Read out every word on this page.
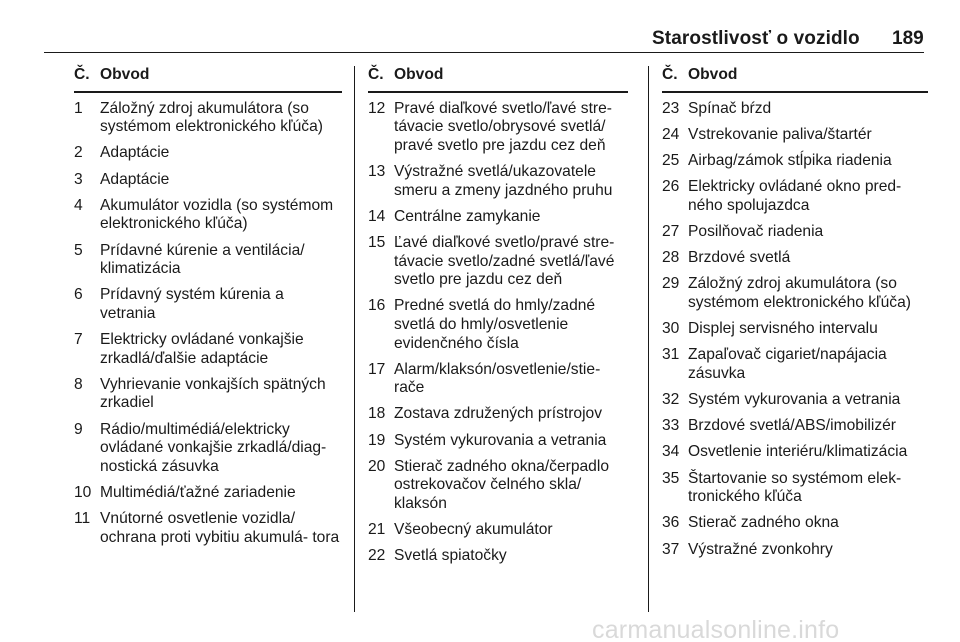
Starostlivosť o vozidlo 189
Č. Obvod
1	Záložný zdroj akumulátora (so systémom elektronického kľúča)
2	Adaptácie
3	Adaptácie
4	Akumulátor vozidla (so systémom elektronického kľúča)
5	Prídavné kúrenie a ventilácia/ klimatizácia
6	Prídavný systém kúrenia a vetrania
7	Elektricky ovládané vonkajšie zrkadlá/ďalšie adaptácie
8	Vyhrievanie vonkajších spätných zrkadiel
9	Rádio/multimédiá/elektricky ovládané vonkajšie zrkadlá/diag- nostická zásuvka
10 Multimédiá/ťažné zariadenie
11 Vnútorné osvetlenie vozidla/ ochrana proti vybitiu akumulá- tora
Č. Obvod
12 Pravé diaľkové svetlo/ľavé stre- távacie svetlo/obrysové svetlá/ pravé svetlo pre jazdu cez deň
13 Výstražné svetlá/ukazovatele smeru a zmeny jazdného pruhu
14 Centrálne zamykanie
15 Ľavé diaľkové svetlo/pravé stre- távacie svetlo/zadné svetlá/ľavé svetlo pre jazdu cez deň
16 Predné svetlá do hmly/zadné svetlá do hmly/osvetlenie evidenčného čísla
17 Alarm/klaksón/osvetlenie/stie- rače
18 Zostava združených prístrojov
19 Systém vykurovania a vetrania
20 Stierač zadného okna/čerpadlo ostrekovačov čelného skla/ klaksón
21 Všeobecný akumulátor
22 Svetlá spiatočky
Č. Obvod
23 Spínač bŕzd
24 Vstrekovanie paliva/štartér
25 Airbag/zámok stĺpika riadenia
26 Elektricky ovládané okno pred- ného spolujazdca
27 Posilňovač riadenia
28 Brzdové svetlá
29 Záložný zdroj akumulátora (so systémom elektronického kľúča)
30 Displej servisného intervalu
31 Zapaľovač cigariet/napájacia zásuvka
32 Systém vykurovania a vetrania
33 Brzdové svetlá/ABS/imobilizér
34 Osvetlenie interiéru/klimatizácia
35 Štartovanie so systémom elek- tronického kľúča
36 Stierač zadného okna
37 Výstražné zvonkohry
carmanualsonline.info
